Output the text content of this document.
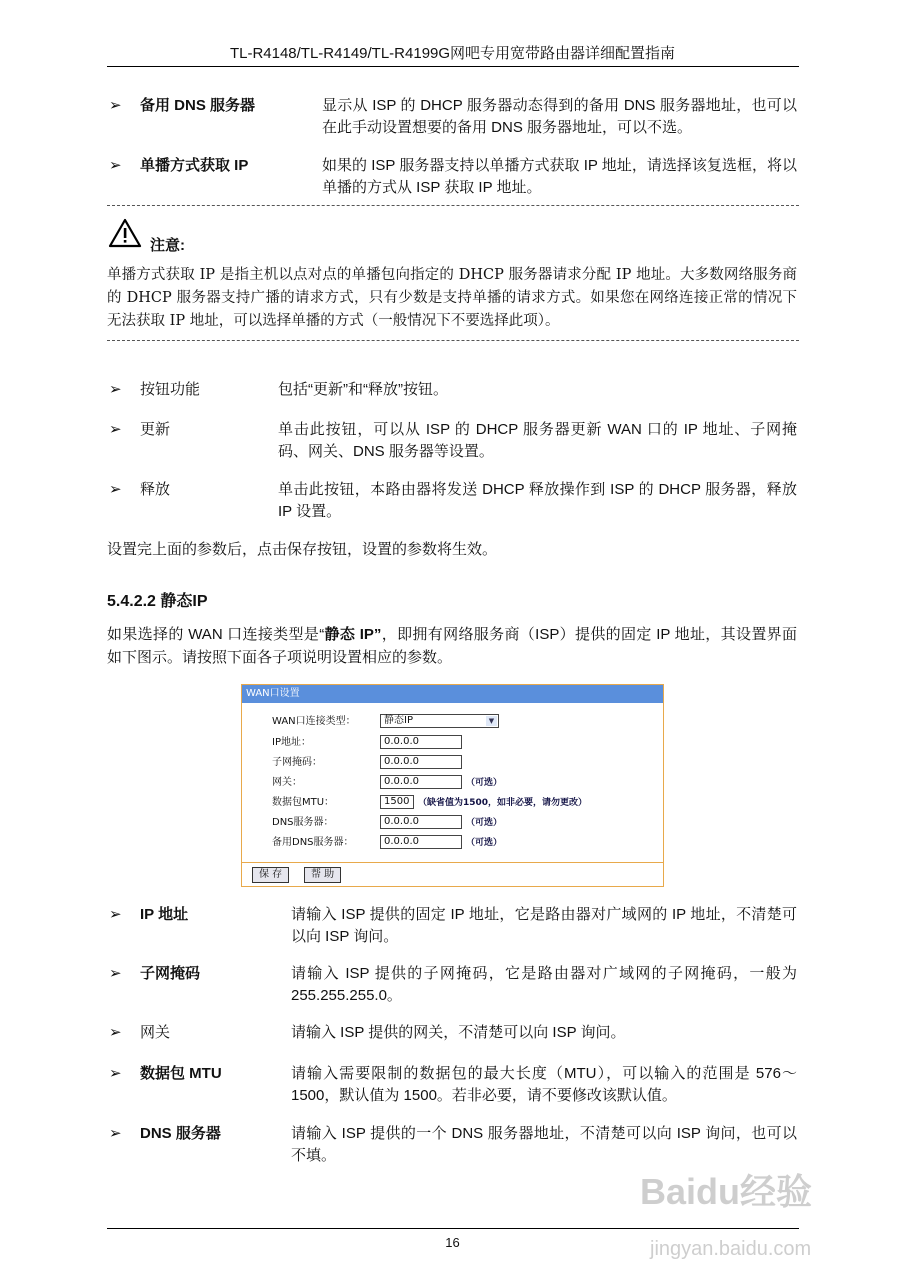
TL-R4148/TL-R4149/TL-R4199G网吧专用宽带路由器详细配置指南
➢ 备用 DNS 服务器	显示从 ISP 的 DHCP 服务器动态得到的备用 DNS 服务器地址，也可以在此手动设置想要的备用 DNS 服务器地址，可以不选。
➢ 单播方式获取 IP	如果的 ISP 服务器支持以单播方式获取 IP 地址，请选择该复选框，将以单播的方式从 ISP 获取 IP 地址。
注意:
单播方式获取 IP 是指主机以点对点的单播包向指定的 DHCP 服务器请求分配 IP 地址。大多数网络服务商的 DHCP 服务器支持广播的请求方式，只有少数是支持单播的请求方式。如果您在网络连接正常的情况下无法获取 IP 地址，可以选择单播的方式（一般情况下不要选择此项）。
➢ 按钮功能	包括“更新”和“释放”按钮。
➢ 更新	单击此按钮，可以从 ISP 的 DHCP 服务器更新 WAN 口的 IP 地址、子网掩码、网关、DNS 服务器等设置。
➢ 释放	单击此按钮，本路由器将发送 DHCP 释放操作到 ISP 的 DHCP 服务器，释放 IP 设置。
设置完上面的参数后，点击保存按钮，设置的参数将生效。
5.4.2.2 静态IP
如果选择的 WAN 口连接类型是“静态 IP”，即拥有网络服务商（ISP）提供的固定 IP 地址，其设置界面如下图示。请按照下面各子项说明设置相应的参数。
WAN口设置
WAN口连接类型：	静态IP	▼
IP地址：	0.0.0.0
子网掩码：	0.0.0.0
网关：	0.0.0.0	（可选）
数据包MTU：	1500 （缺省值为1500，如非必要，请勿更改）
DNS服务器：	0.0.0.0	（可选）
备用DNS服务器：	0.0.0.0	（可选）
保 存	帮 助
➢ IP 地址	请输入 ISP 提供的固定 IP 地址，它是路由器对广域网的 IP 地址，不清楚可以向 ISP 询问。
➢ 子网掩码	请输入 ISP 提供的子网掩码，它是路由器对广域网的子网掩码，一般为 255.255.255.0。
➢ 网关	请输入 ISP 提供的网关，不清楚可以向 ISP 询问。
➢ 数据包 MTU	请输入需要限制的数据包的最大长度（MTU），可以输入的范围是 576～1500，默认值为 1500。若非必要，请不要修改该默认值。
➢ DNS 服务器	请输入 ISP 提供的一个 DNS 服务器地址，不清楚可以向 ISP 询问，也可以不填。
Baidu经验
jingyan.baidu.com
16
